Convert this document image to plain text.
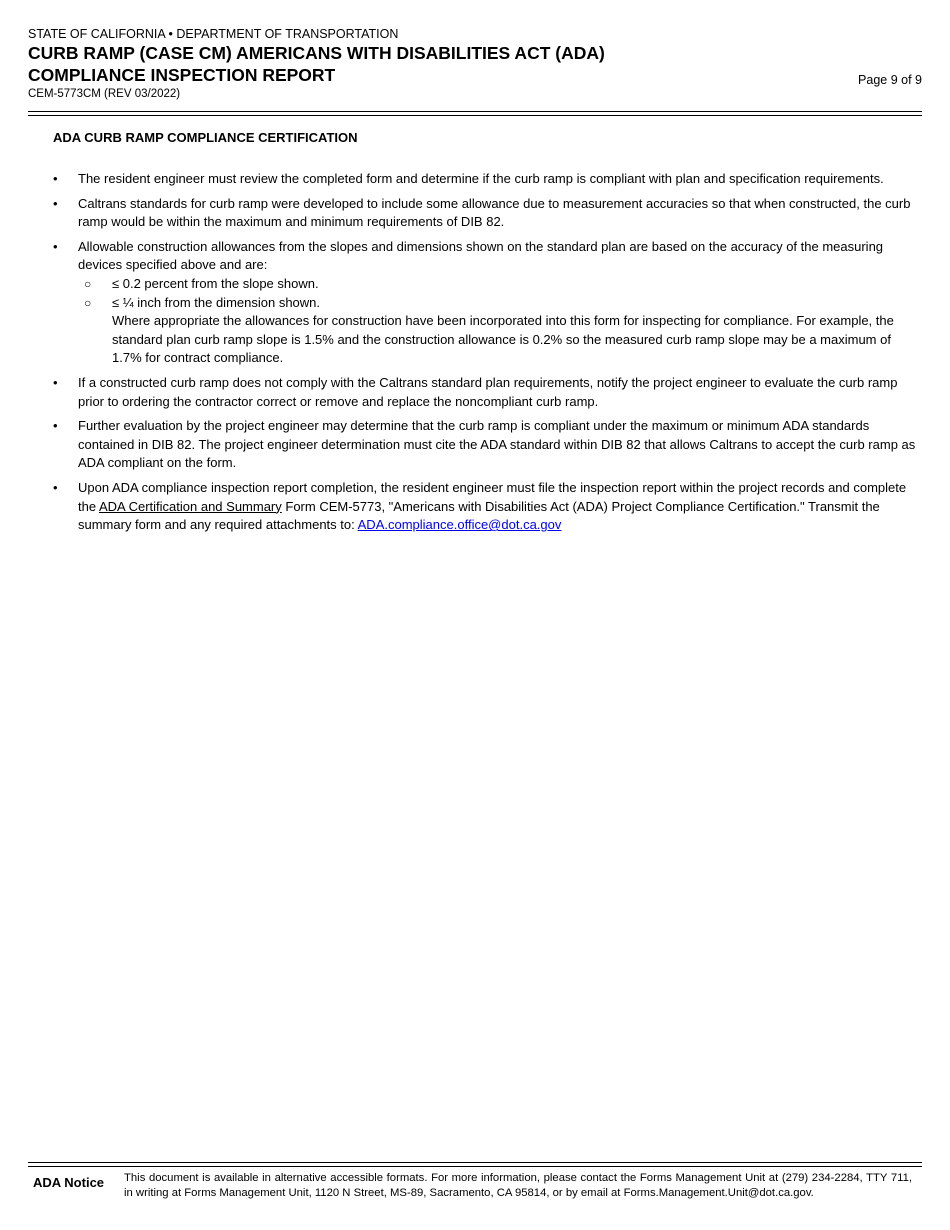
STATE OF CALIFORNIA • DEPARTMENT OF TRANSPORTATION
CURB RAMP (CASE CM) AMERICANS WITH DISABILITIES ACT (ADA)
COMPLIANCE INSPECTION REPORT
CEM-5773CM (REV 03/2022)
Page 9 of 9
ADA CURB RAMP COMPLIANCE CERTIFICATION
• The resident engineer must review the completed form and determine if the curb ramp is compliant with plan and specification requirements.
• Caltrans standards for curb ramp were developed to include some allowance due to measurement accuracies so that when constructed, the curb ramp would be within the maximum and minimum requirements of DIB 82.
• Allowable construction allowances from the slopes and dimensions shown on the standard plan are based on the accuracy of the measuring devices specified above and are:
○ ≤ 0.2 percent from the slope shown.
○ ≤ ¼ inch from the dimension shown.
Where appropriate the allowances for construction have been incorporated into this form for inspecting for compliance. For example, the standard plan curb ramp slope is 1.5% and the construction allowance is 0.2% so the measured curb ramp slope may be a maximum of 1.7% for contract compliance.
• If a constructed curb ramp does not comply with the Caltrans standard plan requirements, notify the project engineer to evaluate the curb ramp prior to ordering the contractor correct or remove and replace the noncompliant curb ramp.
• Further evaluation by the project engineer may determine that the curb ramp is compliant under the maximum or minimum ADA standards contained in DIB 82. The project engineer determination must cite the ADA standard within DIB 82 that allows Caltrans to accept the curb ramp as ADA compliant on the form.
• Upon ADA compliance inspection report completion, the resident engineer must file the inspection report within the project records and complete the ADA Certification and Summary Form CEM-5773, "Americans with Disabilities Act (ADA) Project Compliance Certification." Transmit the summary form and any required attachments to: ADA.compliance.office@dot.ca.gov
ADA Notice This document is available in alternative accessible formats. For more information, please contact the Forms Management Unit at (279) 234-2284, TTY 711, in writing at Forms Management Unit, 1120 N Street, MS-89, Sacramento, CA 95814, or by email at Forms.Management.Unit@dot.ca.gov.
